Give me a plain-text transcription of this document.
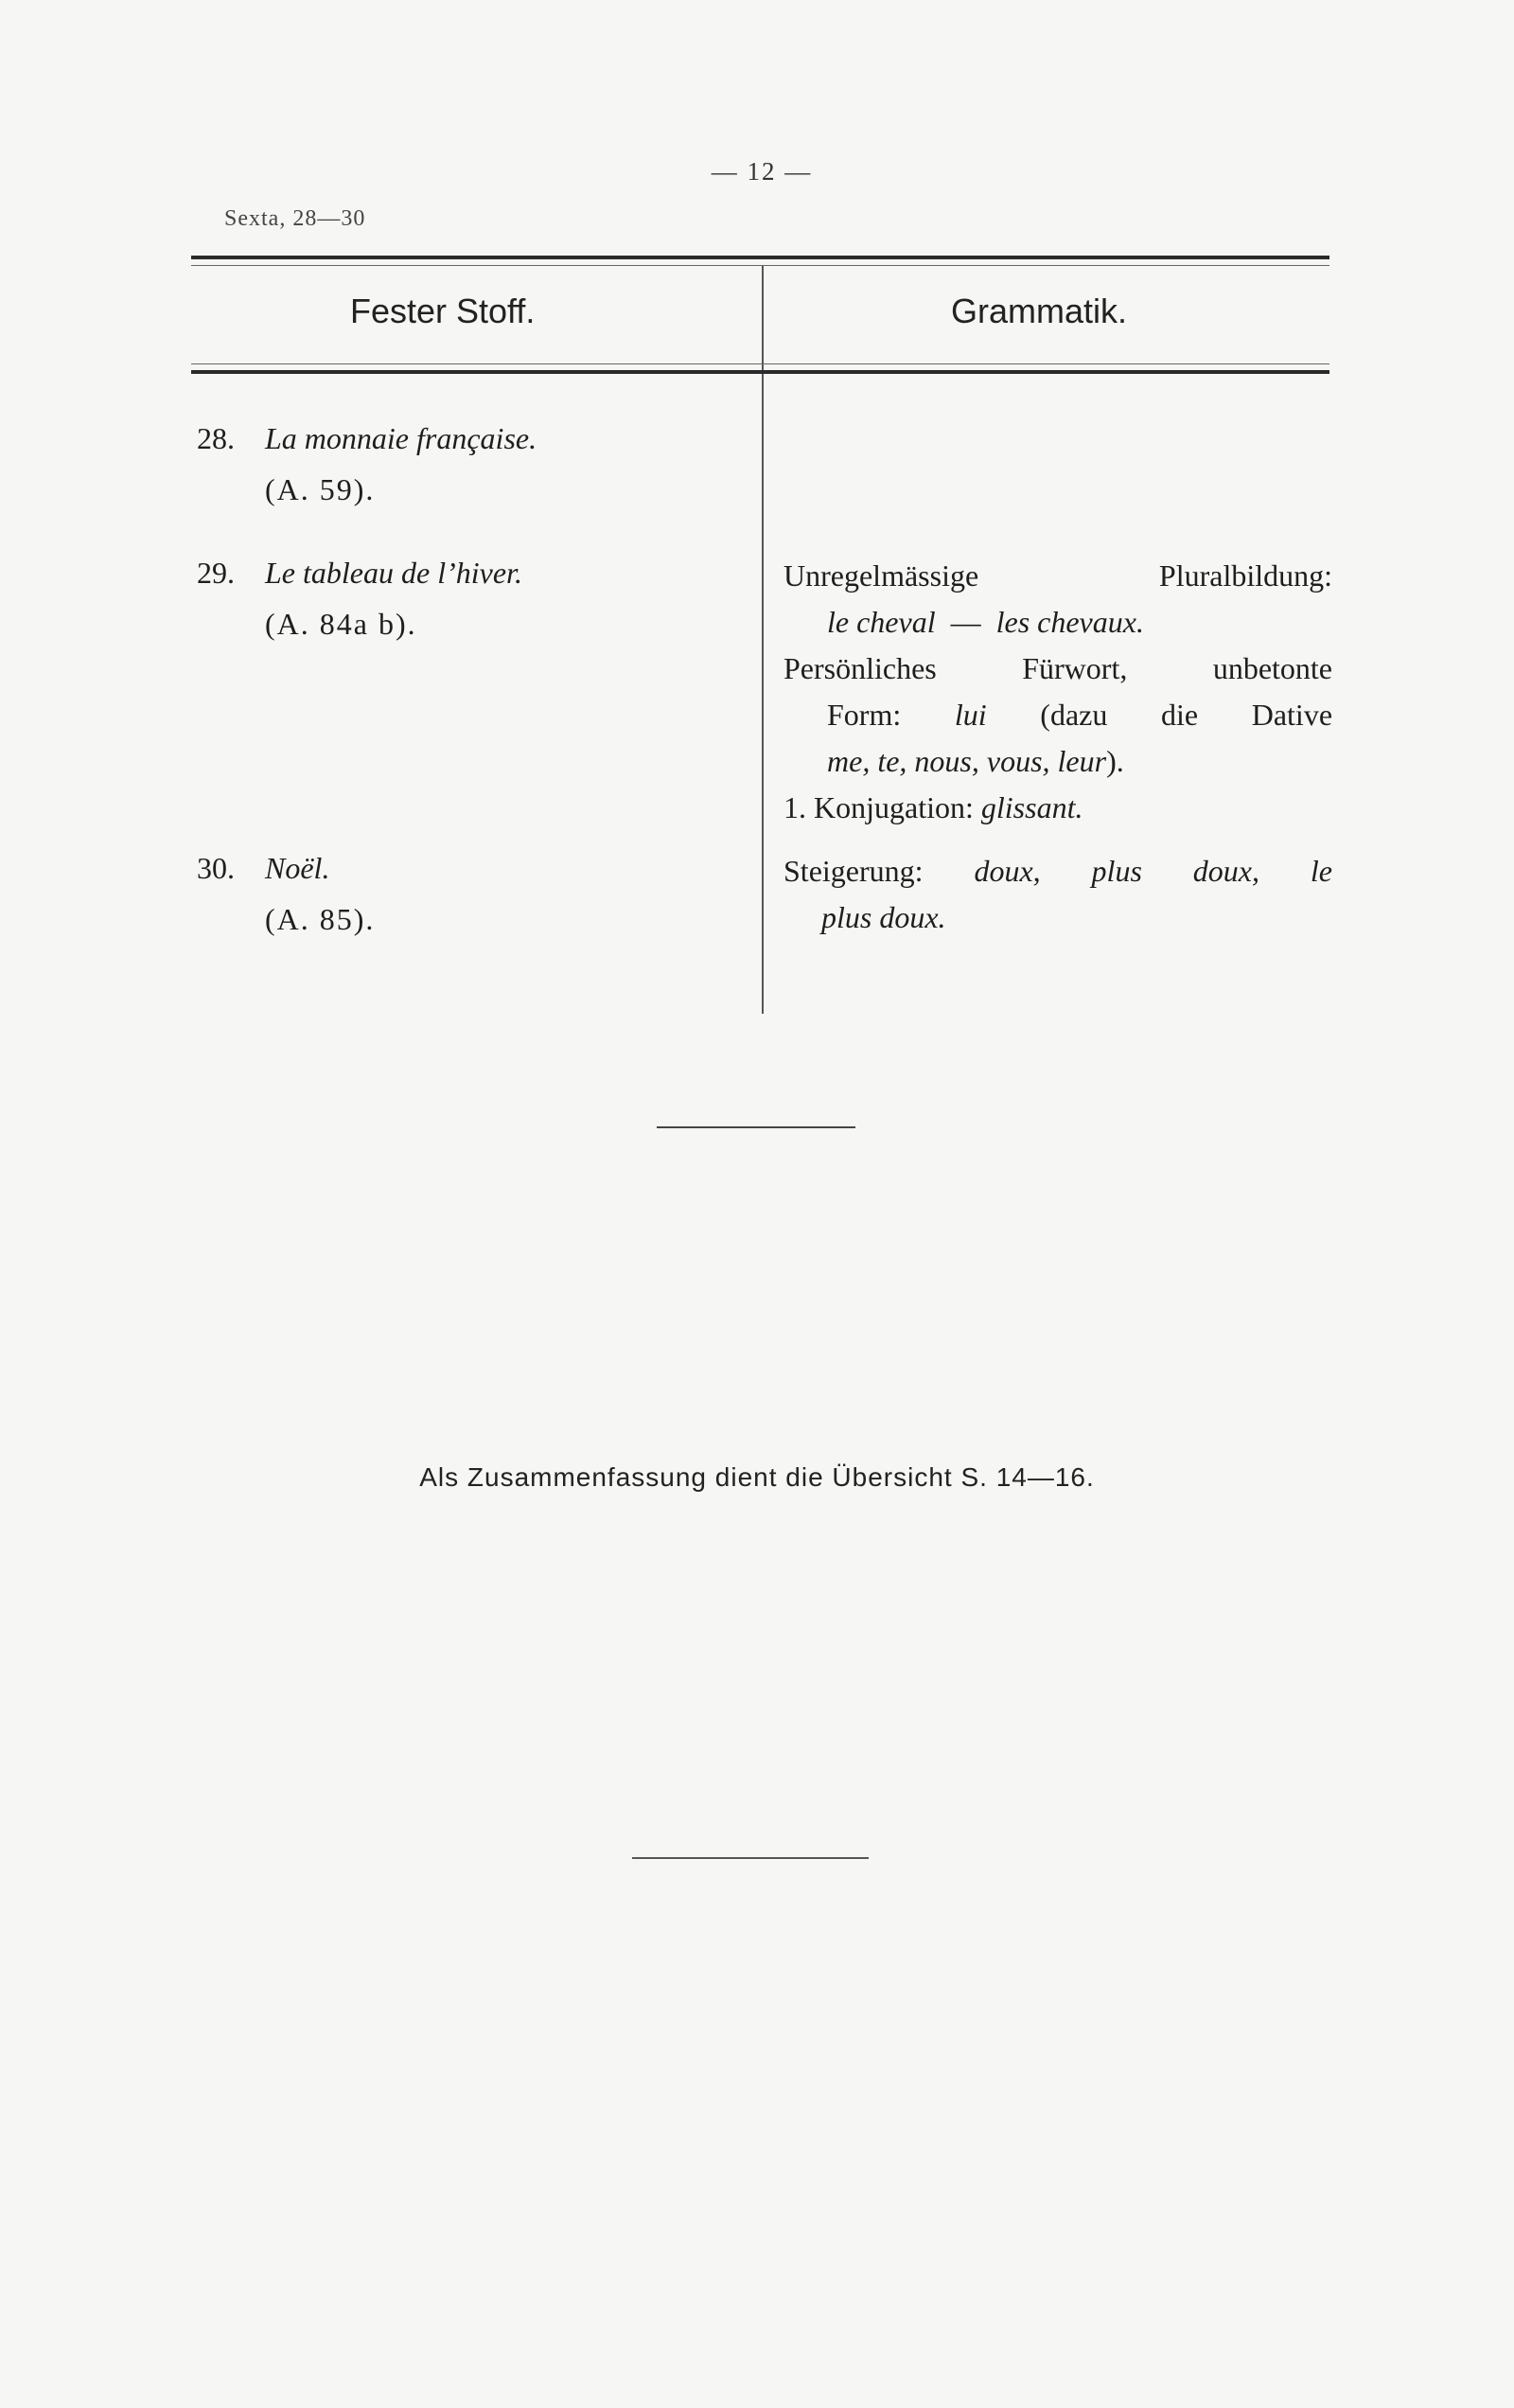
— 12 —
Sexta, 28—30
Fester Stoff.	Grammatik.
28. La monnaie française.
(A. 59).
29. Le tableau de l’hiver.
(A. 84a b).
30. Noël.
(A. 85).
Unregelmässige Pluralbildung:
le cheval — les chevaux.
Persönliches Fürwort, unbetonte
Form: lui (dazu die Dative
me, te, nous, vous, leur).
1. Konjugation: glissant.
Steigerung: doux, plus doux, le
plus doux.
Als Zusammenfassung dient die Übersicht S. 14—16.
